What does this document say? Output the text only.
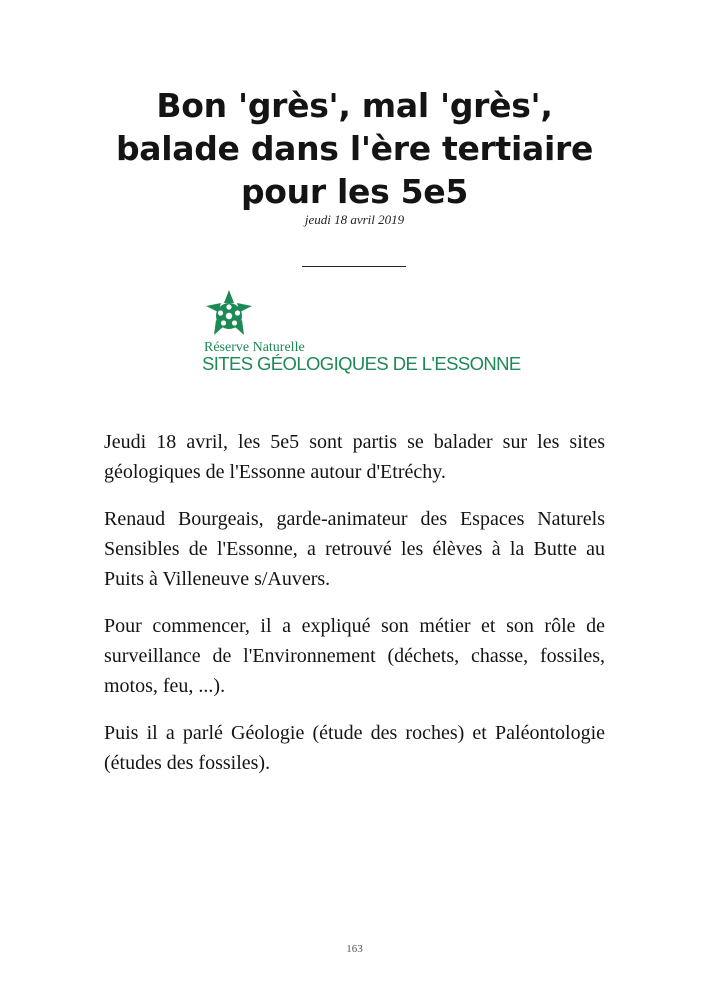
Bon 'grès', mal 'grès', balade dans l'ère tertiaire pour les 5e5
jeudi 18 avril 2019
Réserve Naturelle
SITES GÉOLOGIQUES DE L'ESSONNE

Jeudi 18 avril, les 5e5 sont partis se balader sur les sites géologiques de l'Essonne autour d'Etréchy.

Renaud Bourgeais, garde-animateur des Espaces Naturels Sensibles de l'Essonne, a retrouvé les élèves à la Butte au Puits à Villeneuve s/Auvers.

Pour commencer, il a expliqué son métier et son rôle de surveillance de l'Environnement (déchets, chasse, fossiles, motos, feu, ...).

Puis il a parlé Géologie (étude des roches) et Paléontologie (études des fossiles).

163
